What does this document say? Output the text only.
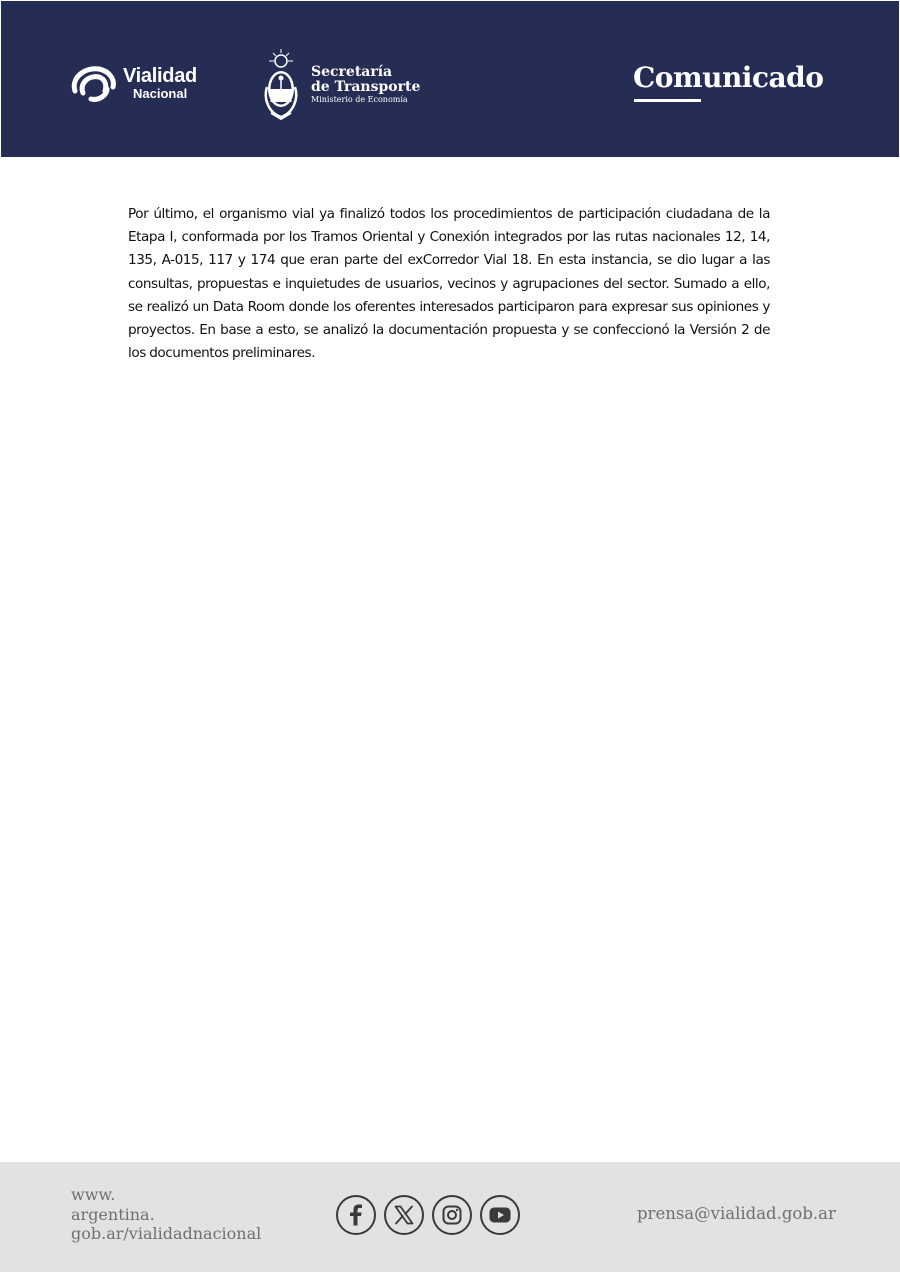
Vialidad
Nacional
Secretaría
de Transporte
Ministerio de Economía
Comunicado

Por último, el organismo vial ya finalizó todos los procedimientos de participación ciudadana de la Etapa I, conformada por los Tramos Oriental y Conexión integrados por las rutas nacionales 12, 14, 135, A-015, 117 y 174 que eran parte del exCorredor Vial 18. En esta instancia, se dio lugar a las consultas, propuestas e inquietudes de usuarios, vecinos y agrupaciones del sector. Sumado a ello, se realizó un Data Room donde los oferentes interesados participaron para expresar sus opiniones y proyectos. En base a esto, se analizó la documentación propuesta y se confeccionó la Versión 2 de los documentos preliminares.

www.
argentina.
gob.ar/vialidadnacional
prensa@vialidad.gob.ar
